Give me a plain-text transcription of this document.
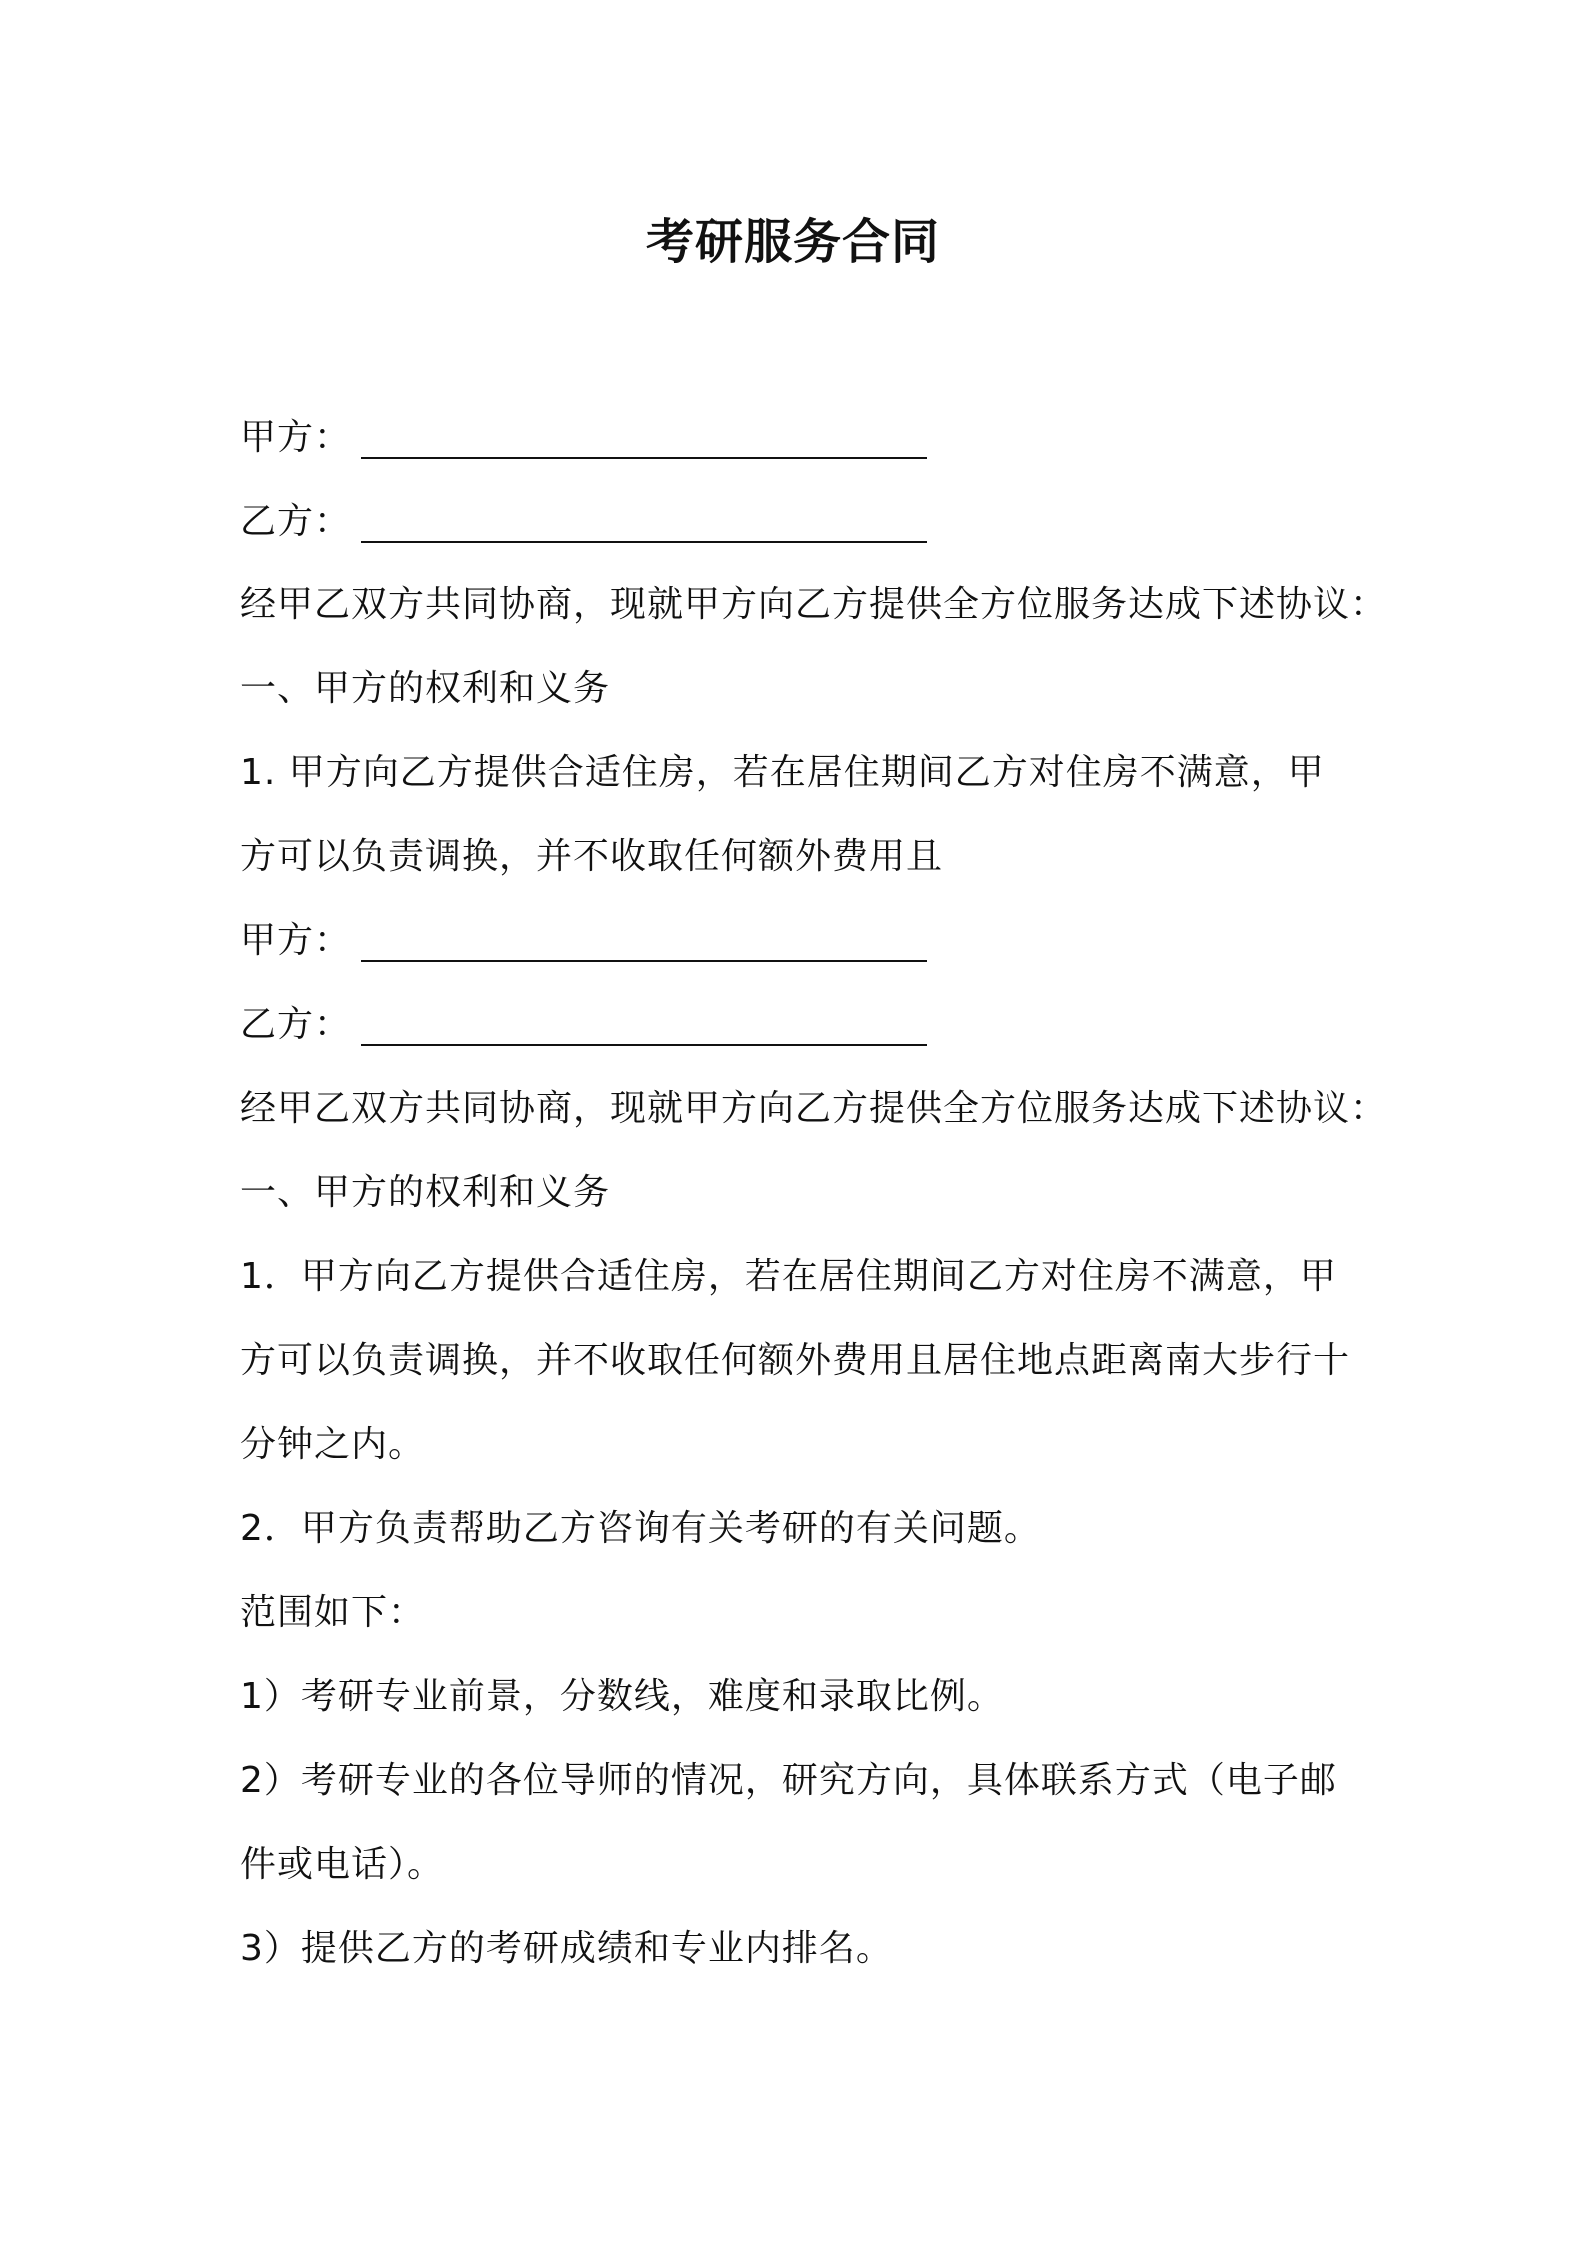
考研服务合同
甲方：
乙方：
经甲乙双方共同协商，现就甲方向乙方提供全方位服务达成下述协议：
一、甲方的权利和义务
1. 甲方向乙方提供合适住房，若在居住期间乙方对住房不满意，甲
方可以负责调换，并不收取任何额外费用且
甲方：
乙方：
经甲乙双方共同协商，现就甲方向乙方提供全方位服务达成下述协议：
一、甲方的权利和义务
1．甲方向乙方提供合适住房，若在居住期间乙方对住房不满意，甲
方可以负责调换，并不收取任何额外费用且居住地点距离南大步行十
分钟之内。
2．甲方负责帮助乙方咨询有关考研的有关问题。
范围如下：
1）考研专业前景，分数线，难度和录取比例。
2）考研专业的各位导师的情况，研究方向，具体联系方式（电子邮
件或电话）。
3）提供乙方的考研成绩和专业内排名。
